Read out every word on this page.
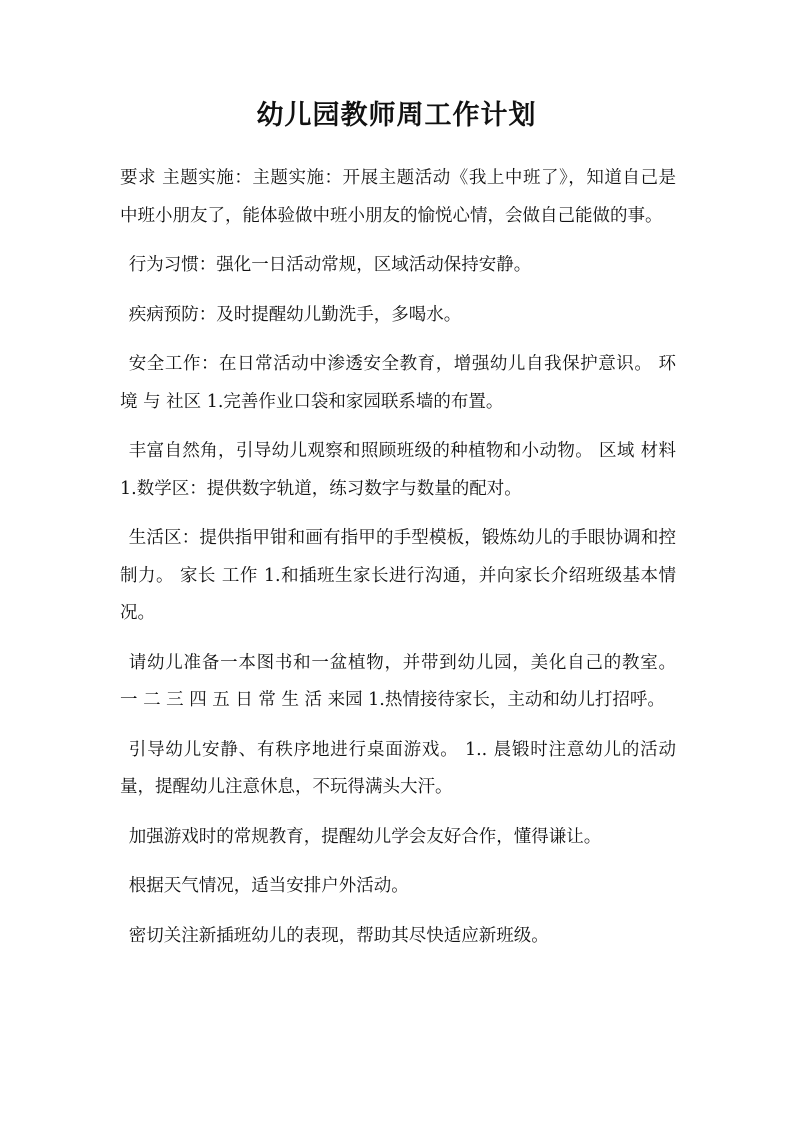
幼儿园教师周工作计划

要求 主题实施：主题实施：开展主题活动《我上中班了》，知道自己是中班小朋友了，能体验做中班小朋友的愉悦心情，会做自己能做的事。

行为习惯：强化一日活动常规，区域活动保持安静。

疾病预防：及时提醒幼儿勤洗手，多喝水。

安全工作：在日常活动中渗透安全教育，增强幼儿自我保护意识。 环境 与 社区 1.完善作业口袋和家园联系墙的布置。

丰富自然角，引导幼儿观察和照顾班级的种植物和小动物。 区域 材料 1.数学区：提供数字轨道，练习数字与数量的配对。

生活区：提供指甲钳和画有指甲的手型模板，锻炼幼儿的手眼协调和控制力。 家长 工作 1.和插班生家长进行沟通，并向家长介绍班级基本情况。

请幼儿准备一本图书和一盆植物，并带到幼儿园，美化自己的教室。 一 二 三 四 五 日 常 生 活 来园 1.热情接待家长，主动和幼儿打招呼。

引导幼儿安静、有秩序地进行桌面游戏。 1.. 晨锻时注意幼儿的活动量，提醒幼儿注意休息，不玩得满头大汗。

加强游戏时的常规教育，提醒幼儿学会友好合作，懂得谦让。

根据天气情况，适当安排户外活动。

密切关注新插班幼儿的表现，帮助其尽快适应新班级。
